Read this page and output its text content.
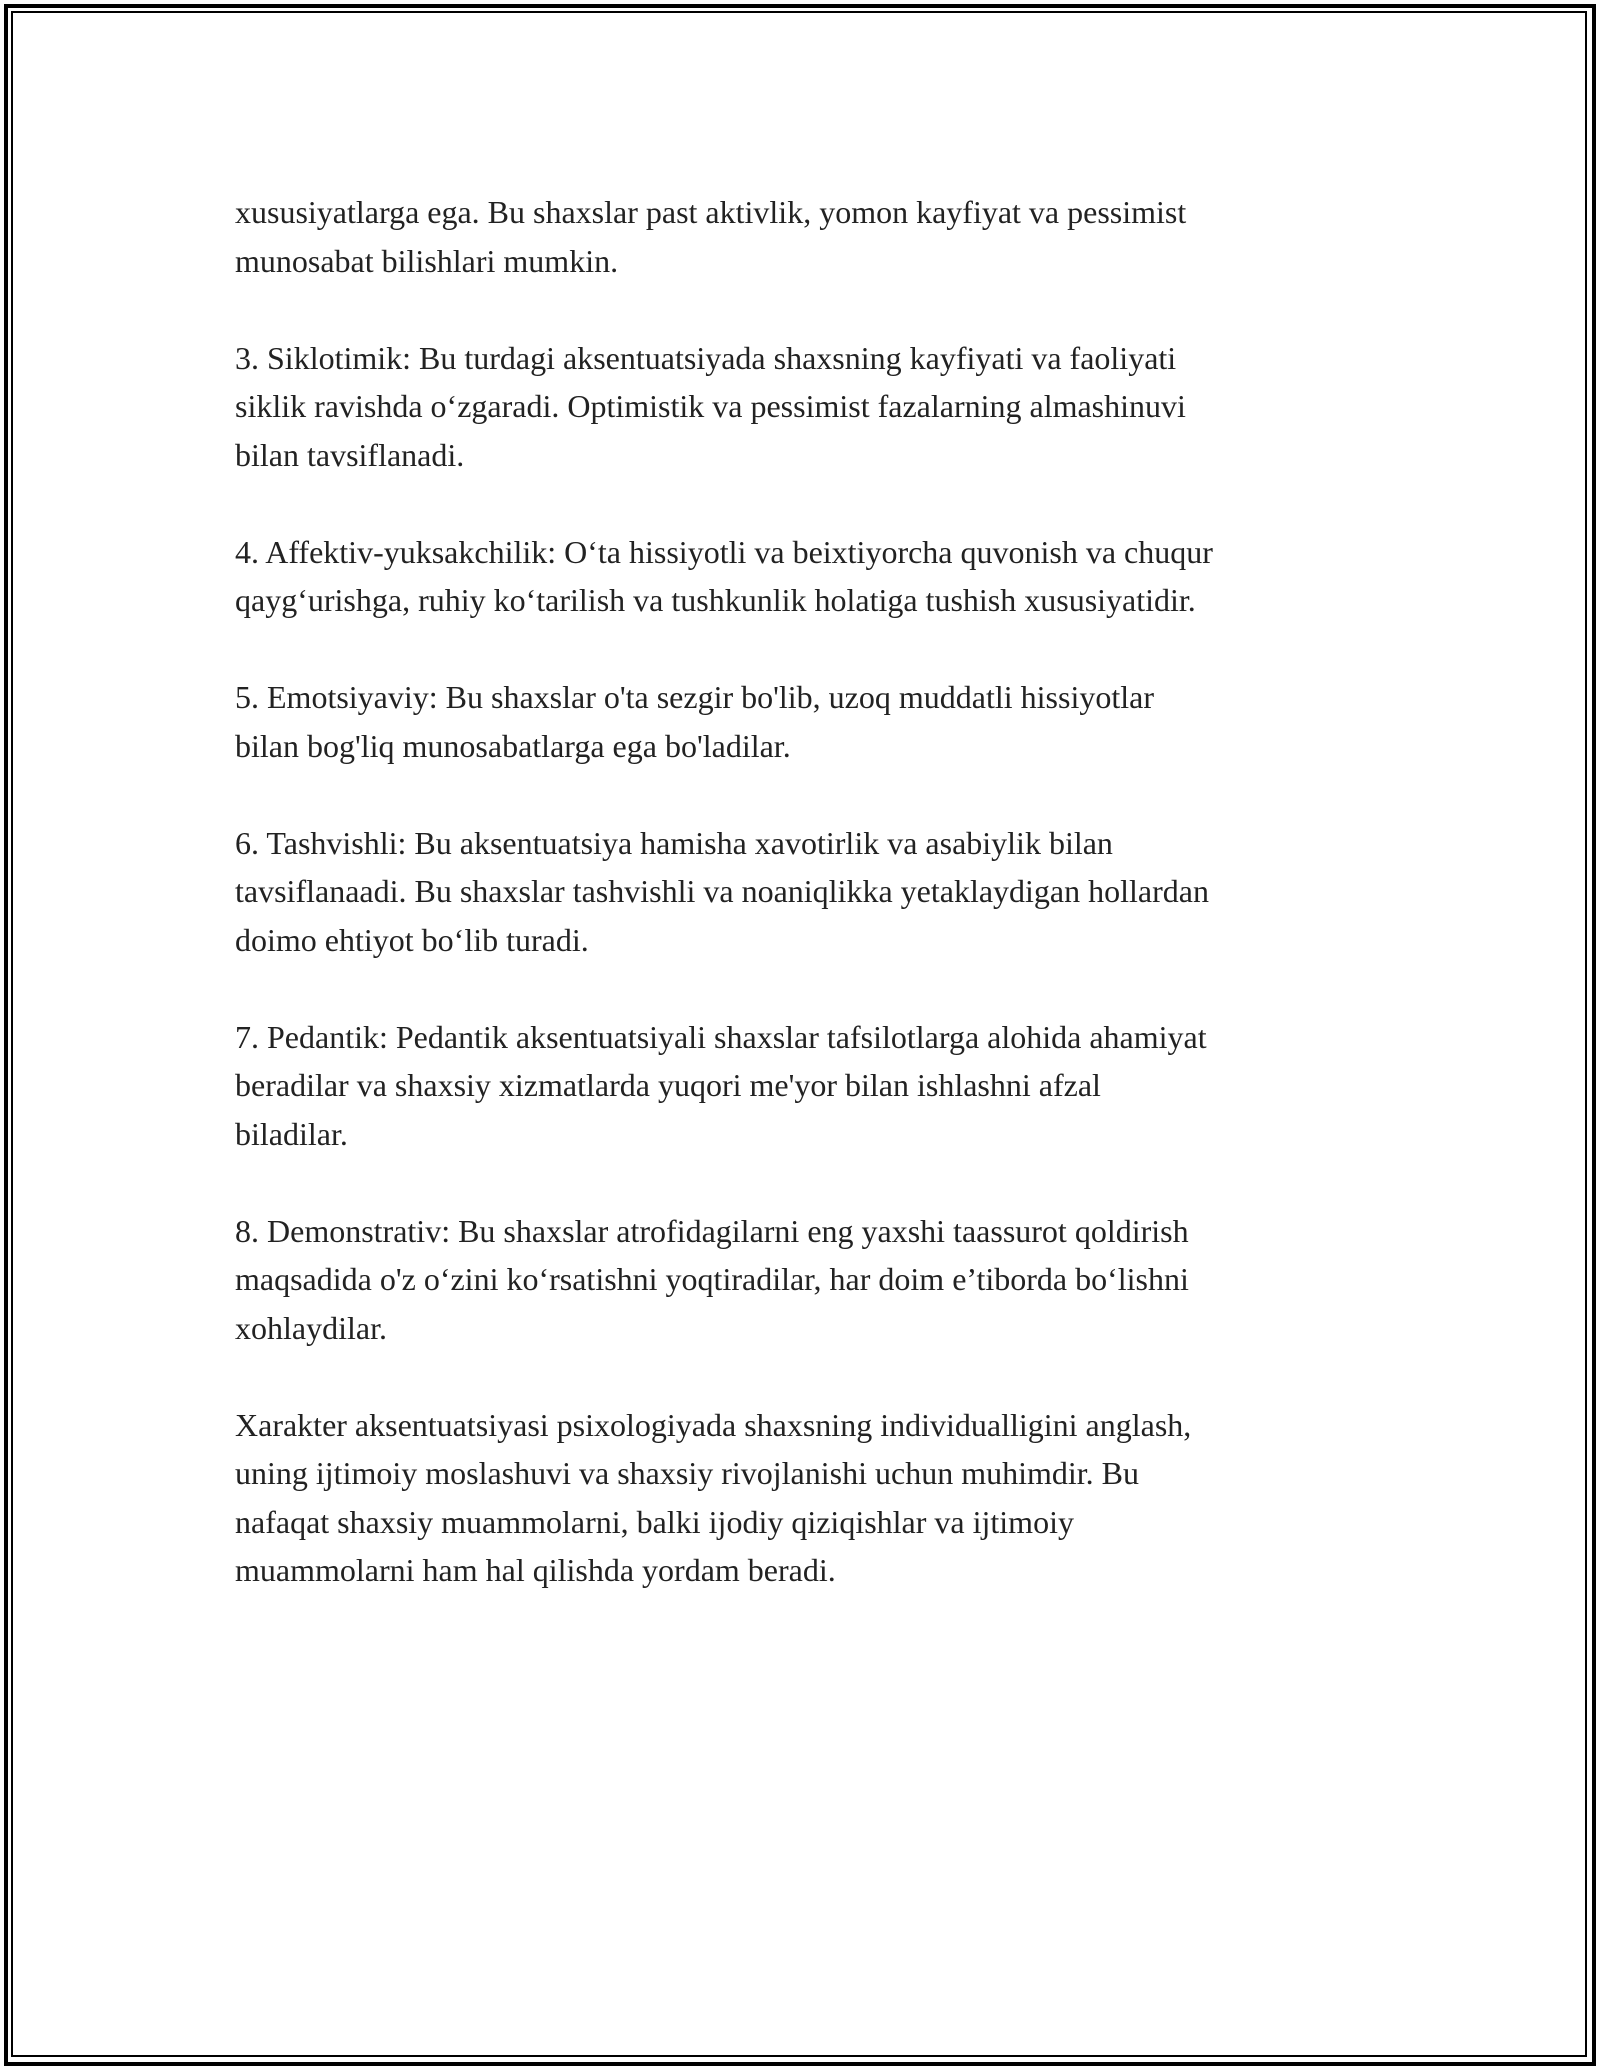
xususiyatlarga ega. Bu shaxslar past aktivlik, yomon kayfiyat va pessimist
munosabat bilishlari mumkin.

3. Siklotimik: Bu turdagi aksentuatsiyada shaxsning kayfiyati va faoliyati
siklik ravishda o‘zgaradi. Optimistik va pessimist fazalarning almashinuvi
bilan tavsiflanadi.

4. Affektiv-yuksakchilik: O‘ta hissiyotli va beixtiyorcha quvonish va chuqur
qayg‘urishga, ruhiy ko‘tarilish va tushkunlik holatiga tushish xususiyatidir.

5. Emotsiyaviy: Bu shaxslar o'ta sezgir bo'lib, uzoq muddatli hissiyotlar
bilan bog'liq munosabatlarga ega bo'ladilar.

6. Tashvishli: Bu aksentuatsiya hamisha xavotirlik va asabiylik bilan
tavsiflanaadi. Bu shaxslar tashvishli va noaniqlikka yetaklaydigan hollardan
doimo ehtiyot bo‘lib turadi.

7. Pedantik: Pedantik aksentuatsiyali shaxslar tafsilotlarga alohida ahamiyat
beradilar va shaxsiy xizmatlarda yuqori me'yor bilan ishlashni afzal
biladilar.

8. Demonstrativ: Bu shaxslar atrofidagilarni eng yaxshi taassurot qoldirish
maqsadida o'z o‘zini ko‘rsatishni yoqtiradilar, har doim e’tiborda bo‘lishni
xohlaydilar.

Xarakter aksentuatsiyasi psixologiyada shaxsning individualligini anglash,
uning ijtimoiy moslashuvi va shaxsiy rivojlanishi uchun muhimdir. Bu
nafaqat shaxsiy muammolarni, balki ijodiy qiziqishlar va ijtimoiy
muammolarni ham hal qilishda yordam beradi.
